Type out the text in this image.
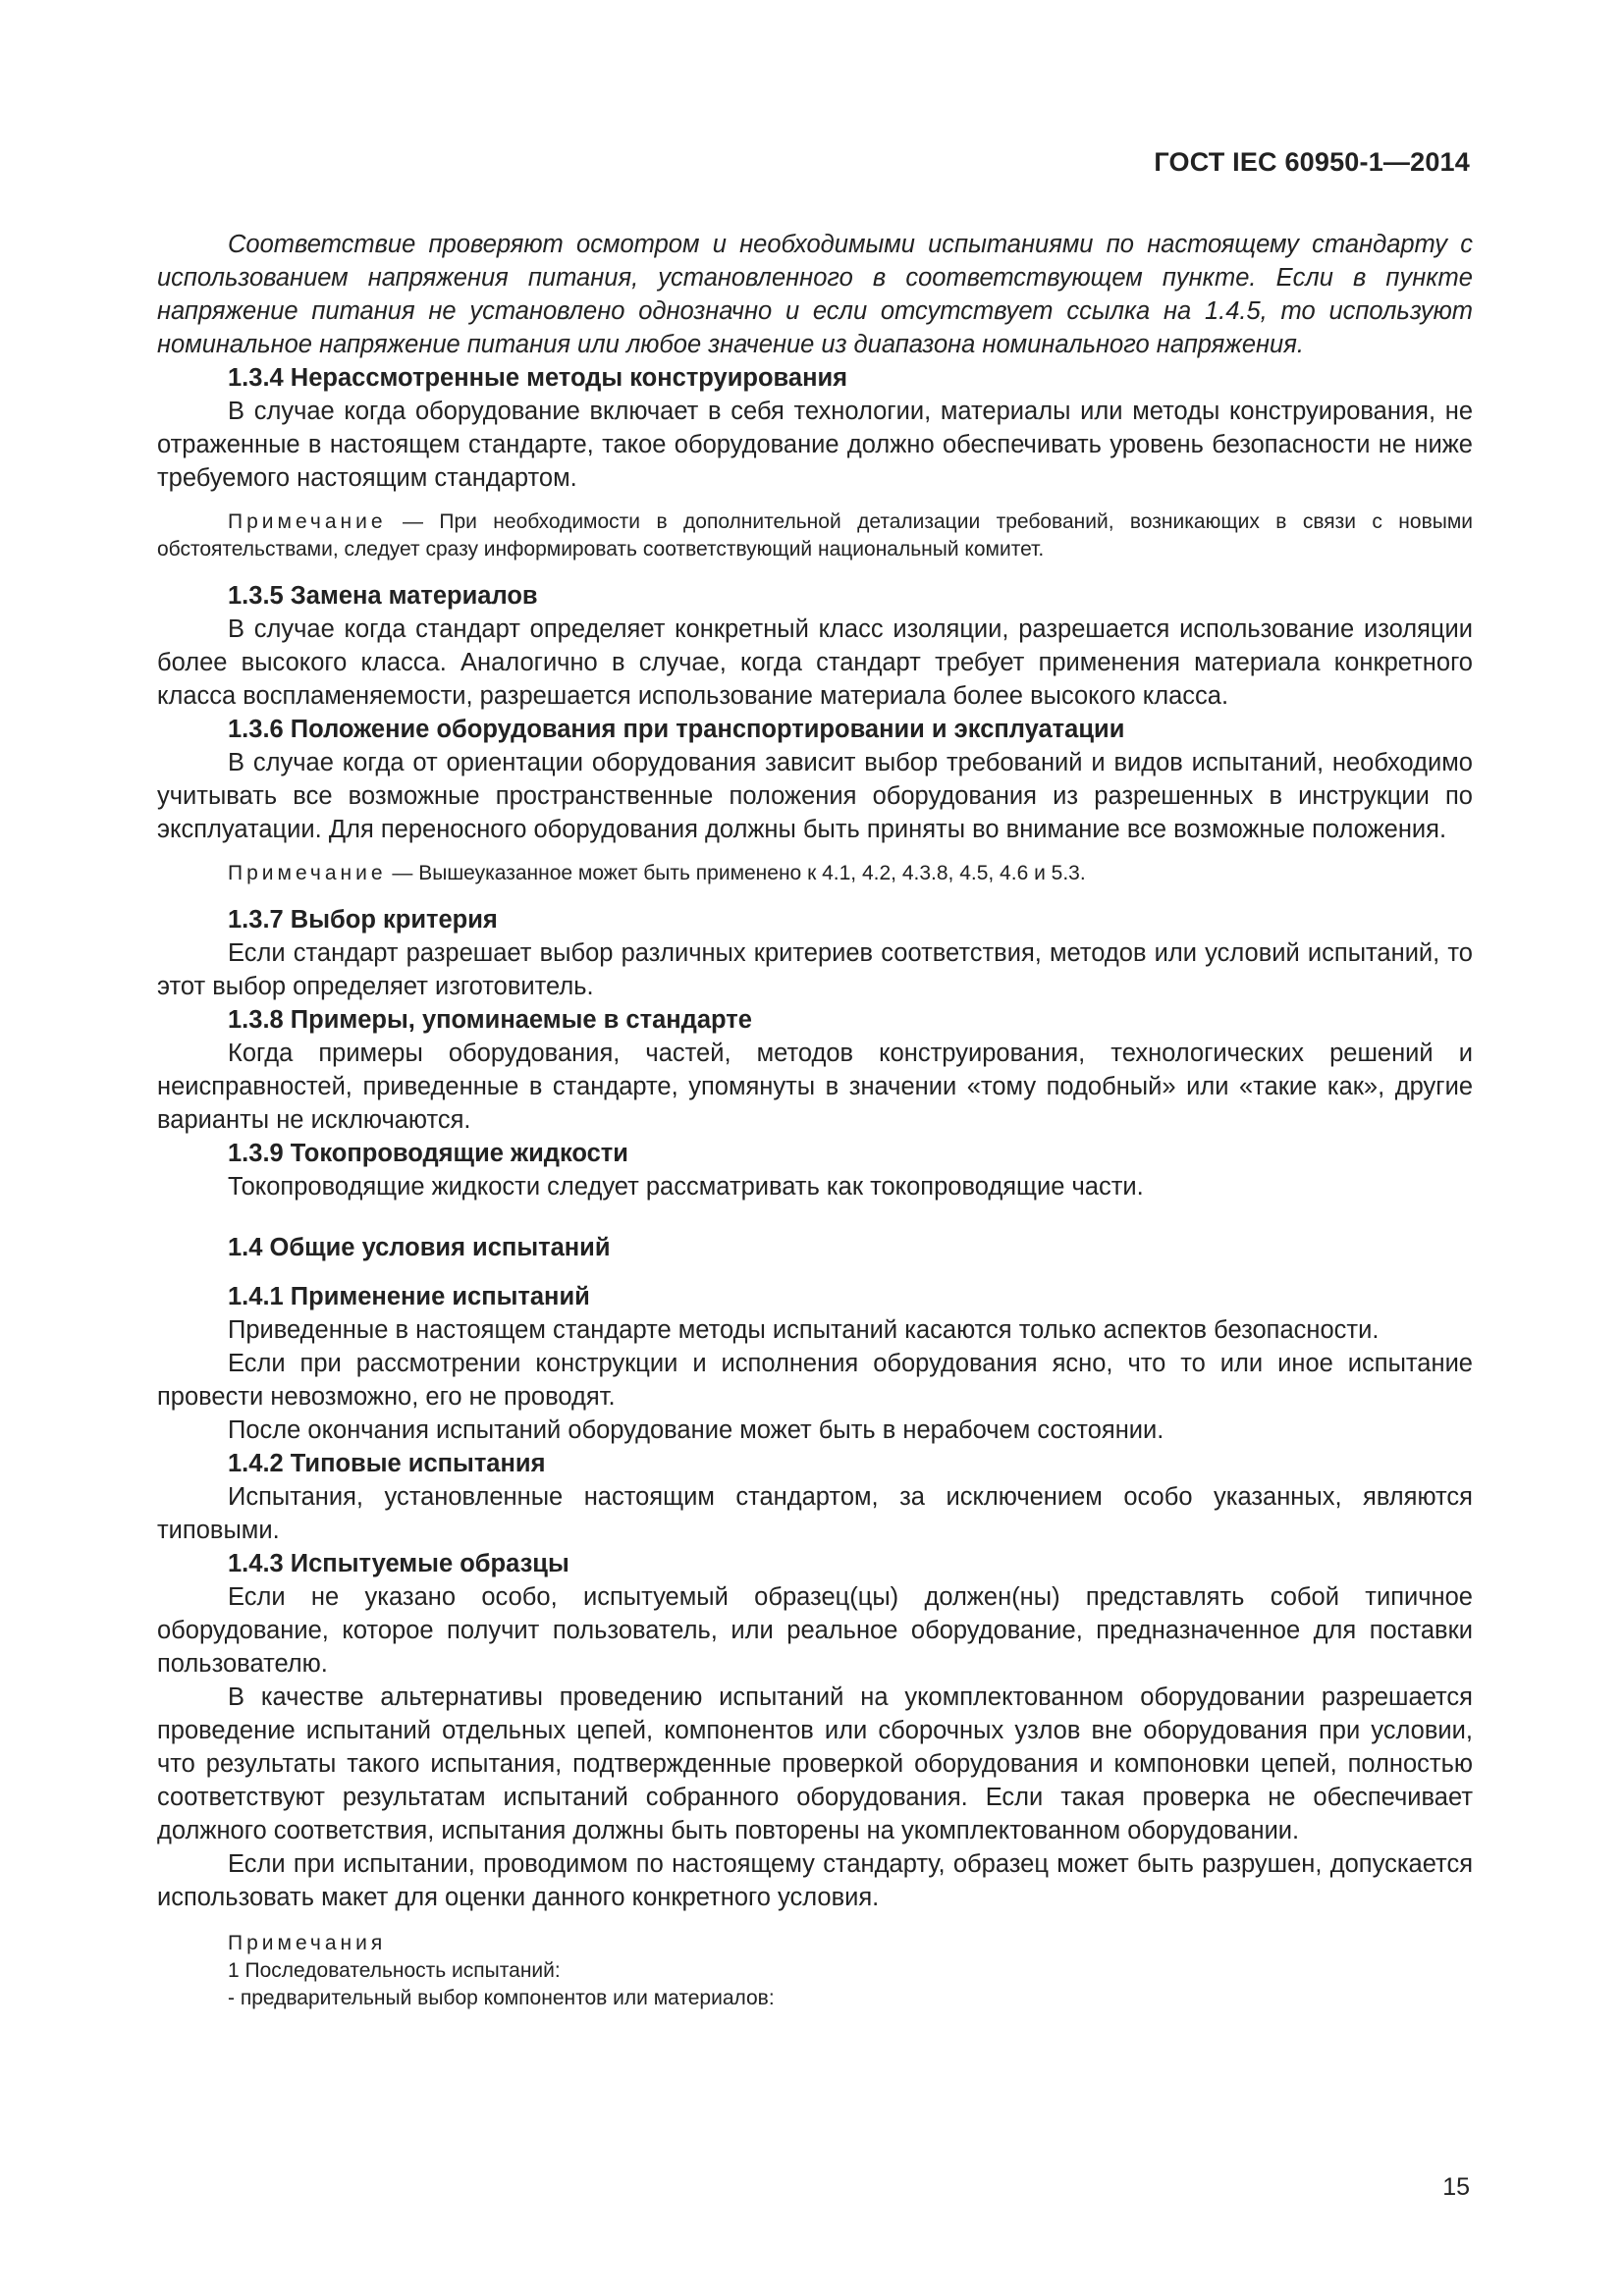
ГОСТ IEC 60950-1—2014

Соответствие проверяют осмотром и необходимыми испытаниями по настоящему стандарту с использованием напряжения питания, установленного в соответствующем пункте. Если в пункте напряжение питания не установлено однозначно и если отсутствует ссылка на 1.4.5, то используют номинальное напряжение питания или любое значение из диапазона номинального напряжения.

1.3.4 Нерассмотренные методы конструирования

В случае когда оборудование включает в себя технологии, материалы или методы конструирования, не отраженные в настоящем стандарте, такое оборудование должно обеспечивать уровень безопасности не ниже требуемого настоящим стандартом.

Примечание — При необходимости в дополнительной детализации требований, возникающих в связи с новыми обстоятельствами, следует сразу информировать соответствующий национальный комитет.
1.3.5 Замена материалов

В случае когда стандарт определяет конкретный класс изоляции, разрешается использование изоляции более высокого класса. Аналогично в случае, когда стандарт требует применения материала конкретного класса воспламеняемости, разрешается использование материала более высокого класса.

1.3.6 Положение оборудования при транспортировании и эксплуатации

В случае когда от ориентации оборудования зависит выбор требований и видов испытаний, необходимо учитывать все возможные пространственные положения оборудования из разрешенных в инструкции по эксплуатации. Для переносного оборудования должны быть приняты во внимание все возможные положения.

Примечание — Вышеуказанное может быть применено к 4.1, 4.2, 4.3.8, 4.5, 4.6 и 5.3.
1.3.7 Выбор критерия

Если стандарт разрешает выбор различных критериев соответствия, методов или условий испытаний, то этот выбор определяет изготовитель.

1.3.8 Примеры, упоминаемые в стандарте

Когда примеры оборудования, частей, методов конструирования, технологических решений и неисправностей, приведенные в стандарте, упомянуты в значении «тому подобный» или «такие как», другие варианты не исключаются.

1.3.9 Токопроводящие жидкости

Токопроводящие жидкости следует рассматривать как токопроводящие части.

1.4 Общие условия испытаний
1.4.1 Применение испытаний

Приведенные в настоящем стандарте методы испытаний касаются только аспектов безопасности.

Если при рассмотрении конструкции и исполнения оборудования ясно, что то или иное испытание провести невозможно, его не проводят.

После окончания испытаний оборудование может быть в нерабочем состоянии.

1.4.2 Типовые испытания

Испытания, установленные настоящим стандартом, за исключением особо указанных, являются типовыми.

1.4.3 Испытуемые образцы

Если не указано особо, испытуемый образец(цы) должен(ны) представлять собой типичное оборудование, которое получит пользователь, или реальное оборудование, предназначенное для поставки пользователю.

В качестве альтернативы проведению испытаний на укомплектованном оборудовании разрешается проведение испытаний отдельных цепей, компонентов или сборочных узлов вне оборудования при условии, что результаты такого испытания, подтвержденные проверкой оборудования и компоновки цепей, полностью соответствуют результатам испытаний собранного оборудования. Если такая проверка не обеспечивает должного соответствия, испытания должны быть повторены на укомплектованном оборудовании.

Если при испытании, проводимом по настоящему стандарту, образец может быть разрушен, допускается использовать макет для оценки данного конкретного условия.

Примечания
1 Последовательность испытаний:
- предварительный выбор компонентов или материалов:
15
